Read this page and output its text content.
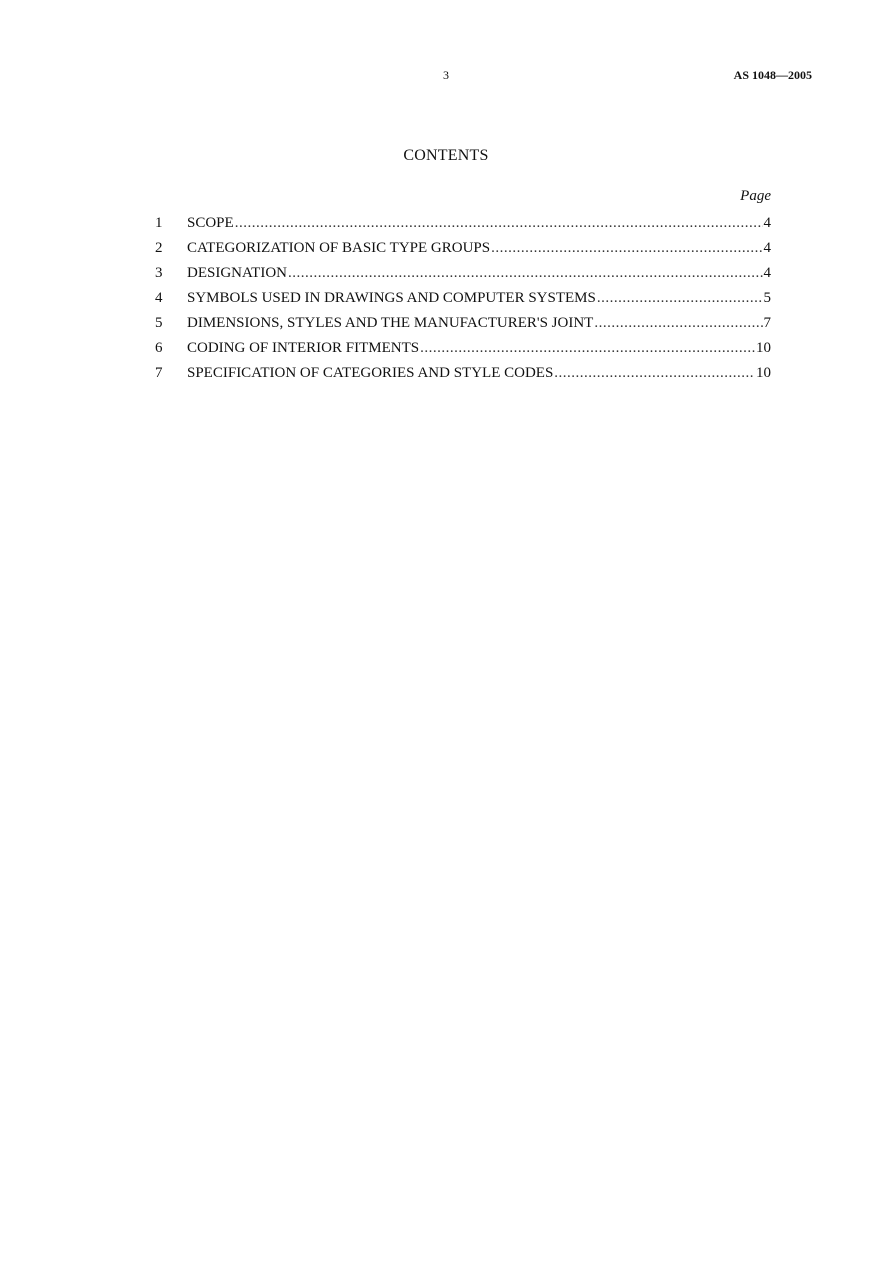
3	AS 1048—2005
CONTENTS
Page
1	SCOPE .....	4
2	CATEGORIZATION OF BASIC TYPE GROUPS .....	4
3	DESIGNATION .....	4
4	SYMBOLS USED IN DRAWINGS AND COMPUTER SYSTEMS .....	5
5	DIMENSIONS, STYLES AND THE MANUFACTURER'S JOINT .....	7
6	CODING OF INTERIOR FITMENTS .....	10
7	SPECIFICATION OF CATEGORIES AND STYLE CODES .....	10
